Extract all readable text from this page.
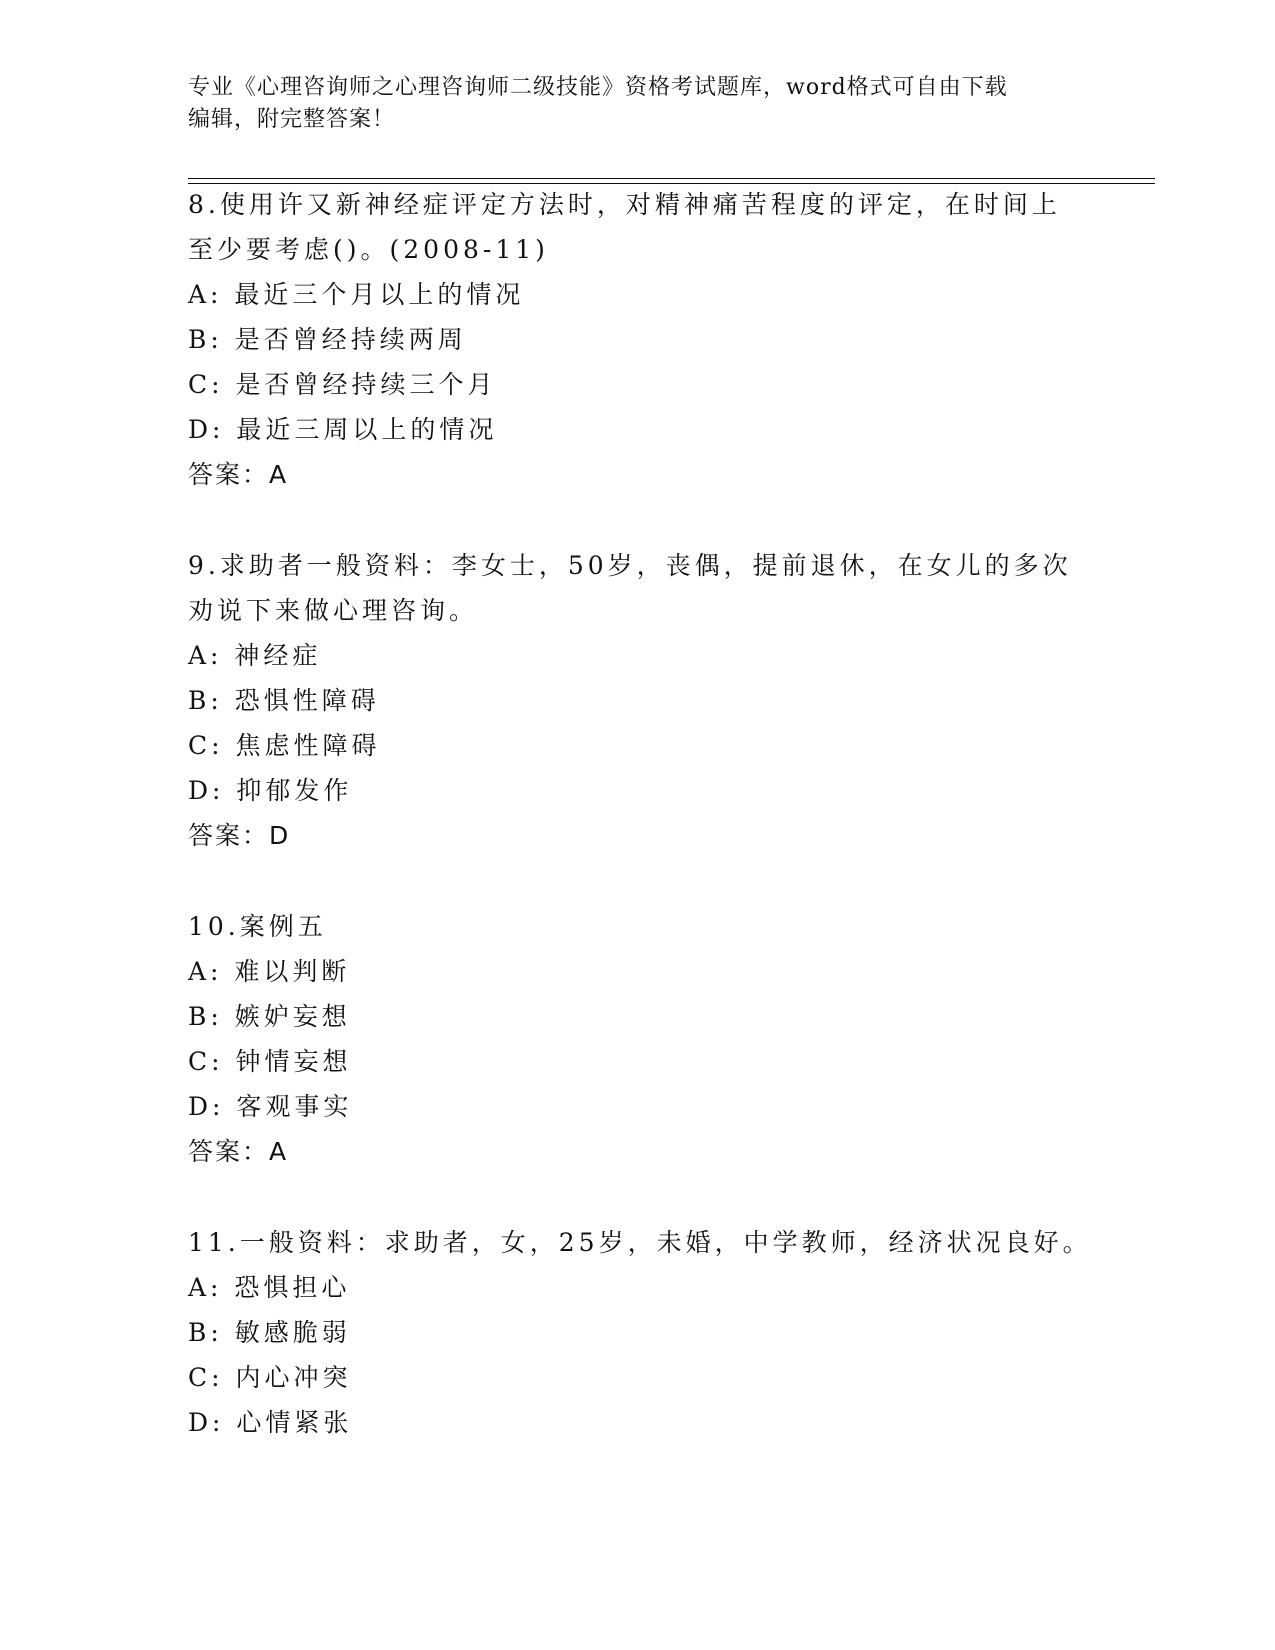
专业《心理咨询师之心理咨询师二级技能》资格考试题库，word格式可自由下载
编辑，附完整答案！
8.使用许又新神经症评定方法时，对精神痛苦程度的评定，在时间上
至少要考虑()。(2008-11)
A: 最近三个月以上的情况
B: 是否曾经持续两周
C: 是否曾经持续三个月
D: 最近三周以上的情况
答案：A
9.求助者一般资料：李女士，50岁，丧偶，提前退休，在女儿的多次
劝说下来做心理咨询。
A: 神经症
B: 恐惧性障碍
C: 焦虑性障碍
D: 抑郁发作
答案：D
10.案例五
A: 难以判断
B: 嫉妒妄想
C: 钟情妄想
D: 客观事实
答案：A
11.一般资料：求助者，女，25岁，未婚，中学教师，经济状况良好。
A: 恐惧担心
B: 敏感脆弱
C: 内心冲突
D: 心情紧张
